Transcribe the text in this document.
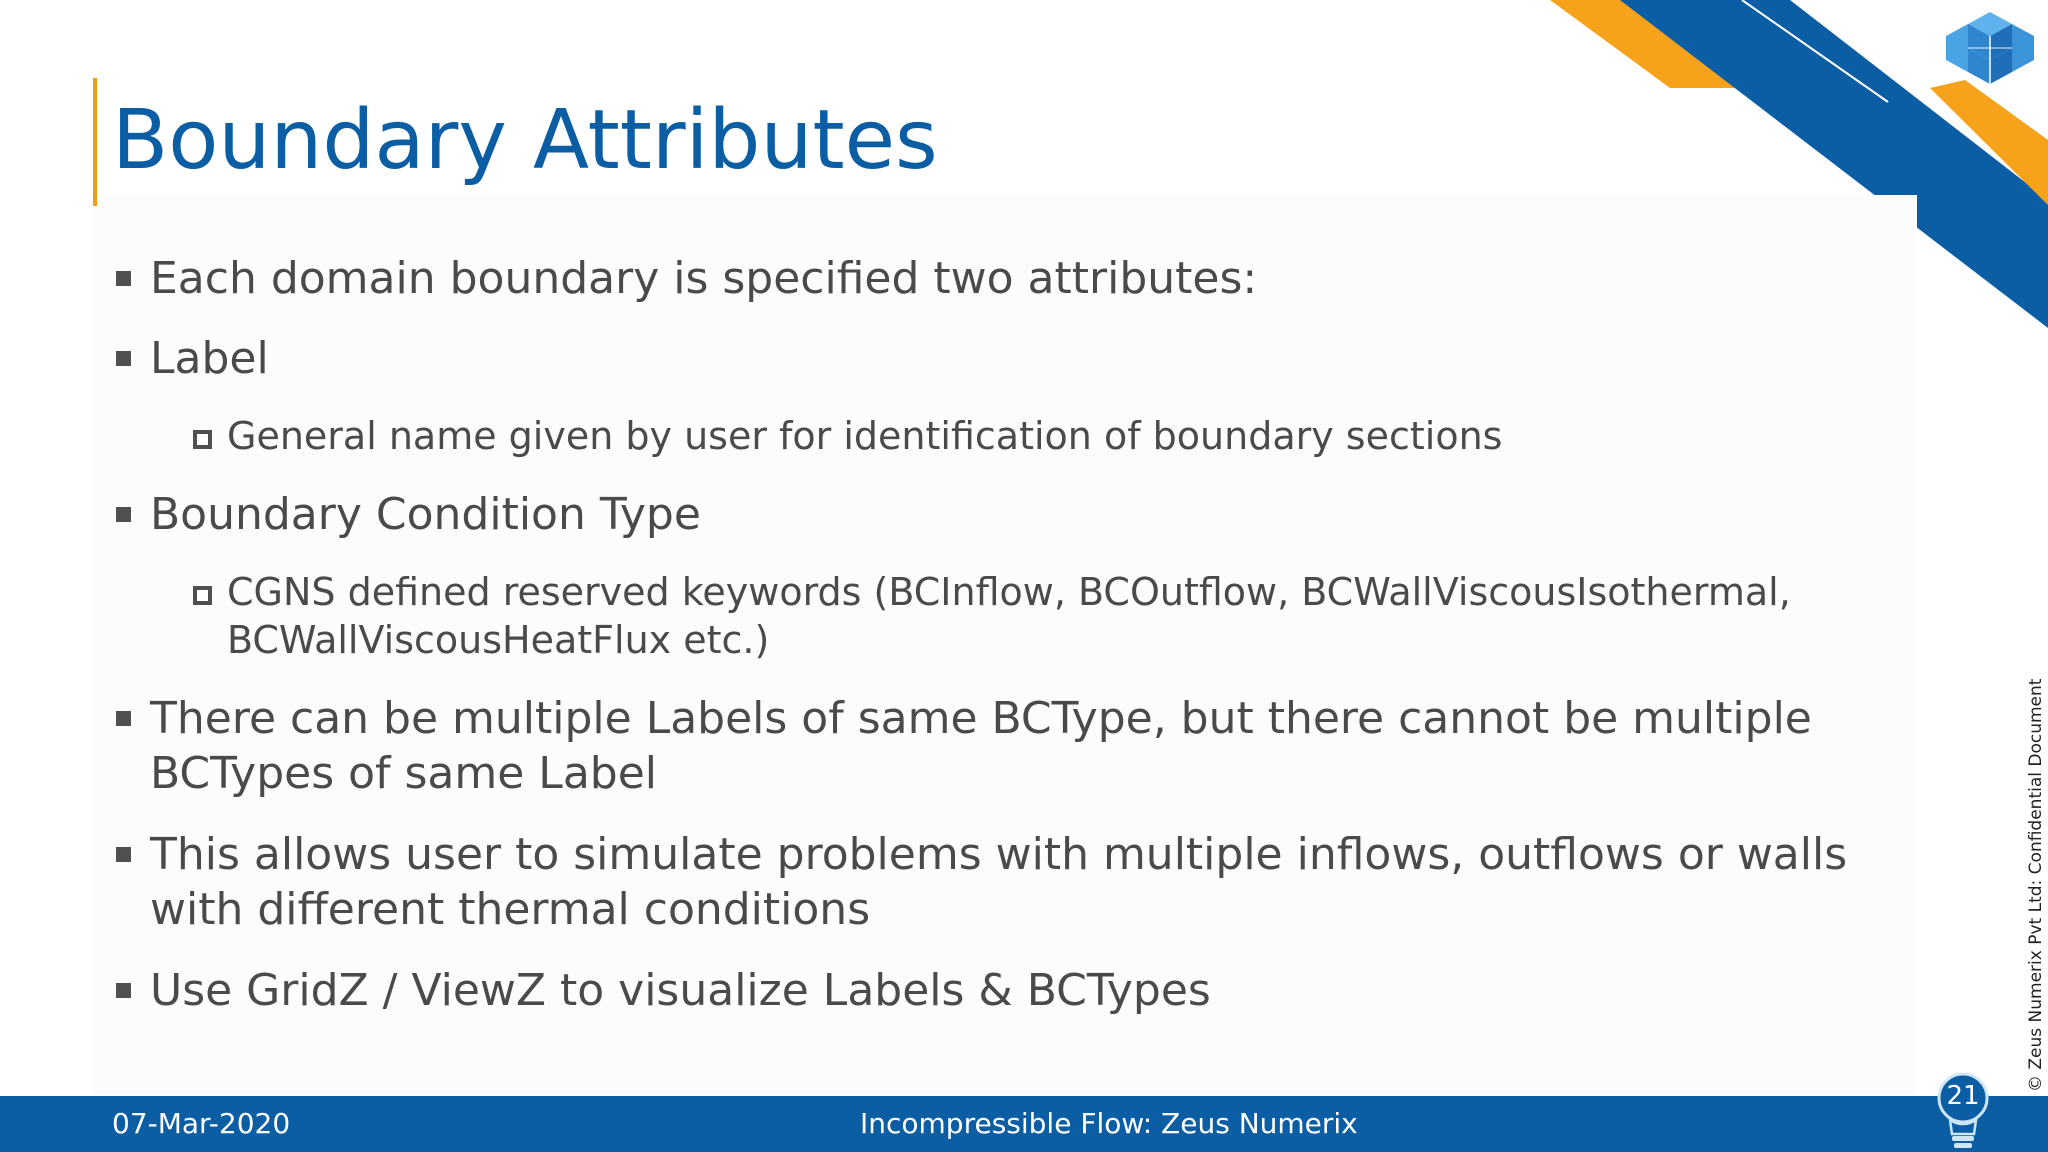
Boundary Attributes
Each domain boundary is specified two attributes:
Label
General name given by user for identification of boundary sections
Boundary Condition Type
CGNS defined reserved keywords (BCInflow, BCOutflow, BCWallViscousIsothermal, BCWallViscousHeatFlux etc.)
There can be multiple Labels of same BCType, but there cannot be multiple BCTypes of same Label
This allows user to simulate problems with multiple inflows, outflows or walls with different thermal conditions
Use GridZ / ViewZ to visualize Labels & BCTypes	© Zeus Numerix Pvt Ltd: Confidential Document
07-Mar-2020	Incompressible Flow: Zeus Numerix
21
